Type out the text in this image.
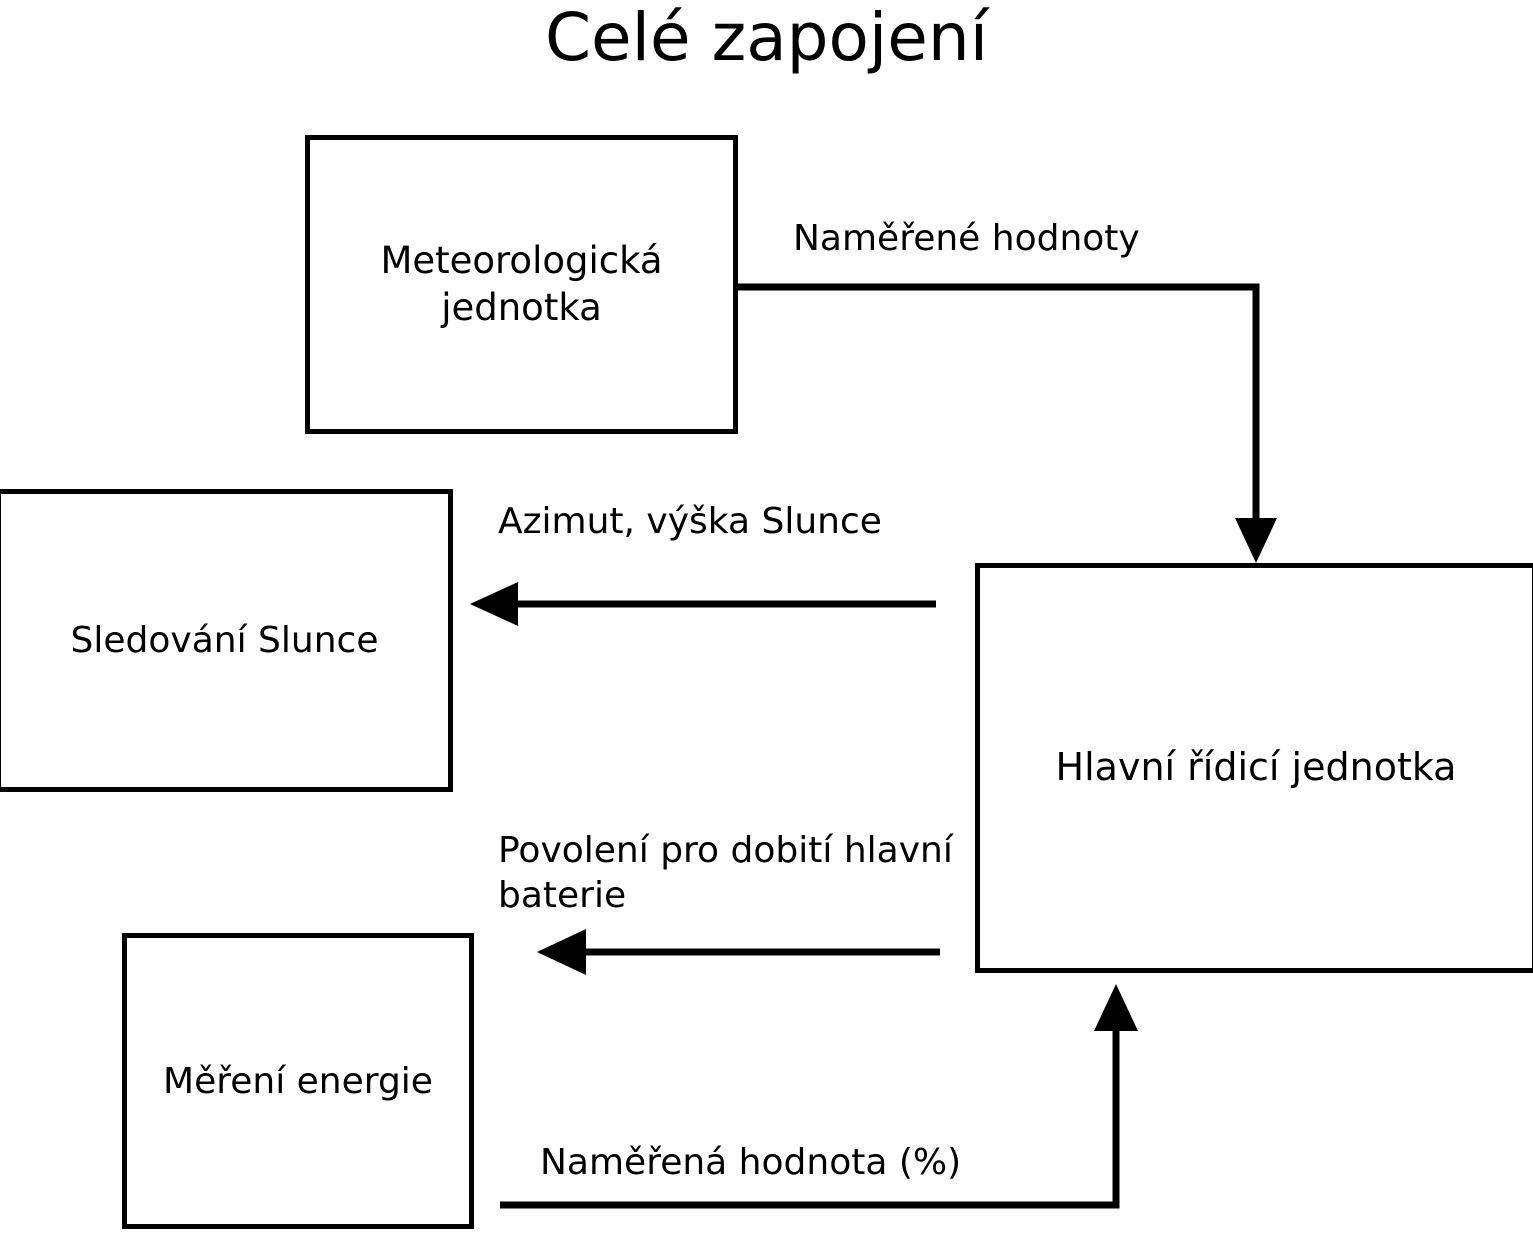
Celé zapojení
Meteorologická jednotka
Sledování Slunce
Měření energie
Hlavní řídicí jednotka
Naměřené hodnoty
Azimut, výška Slunce
Povolení pro dobití hlavní baterie
Naměřená hodnota (%)
